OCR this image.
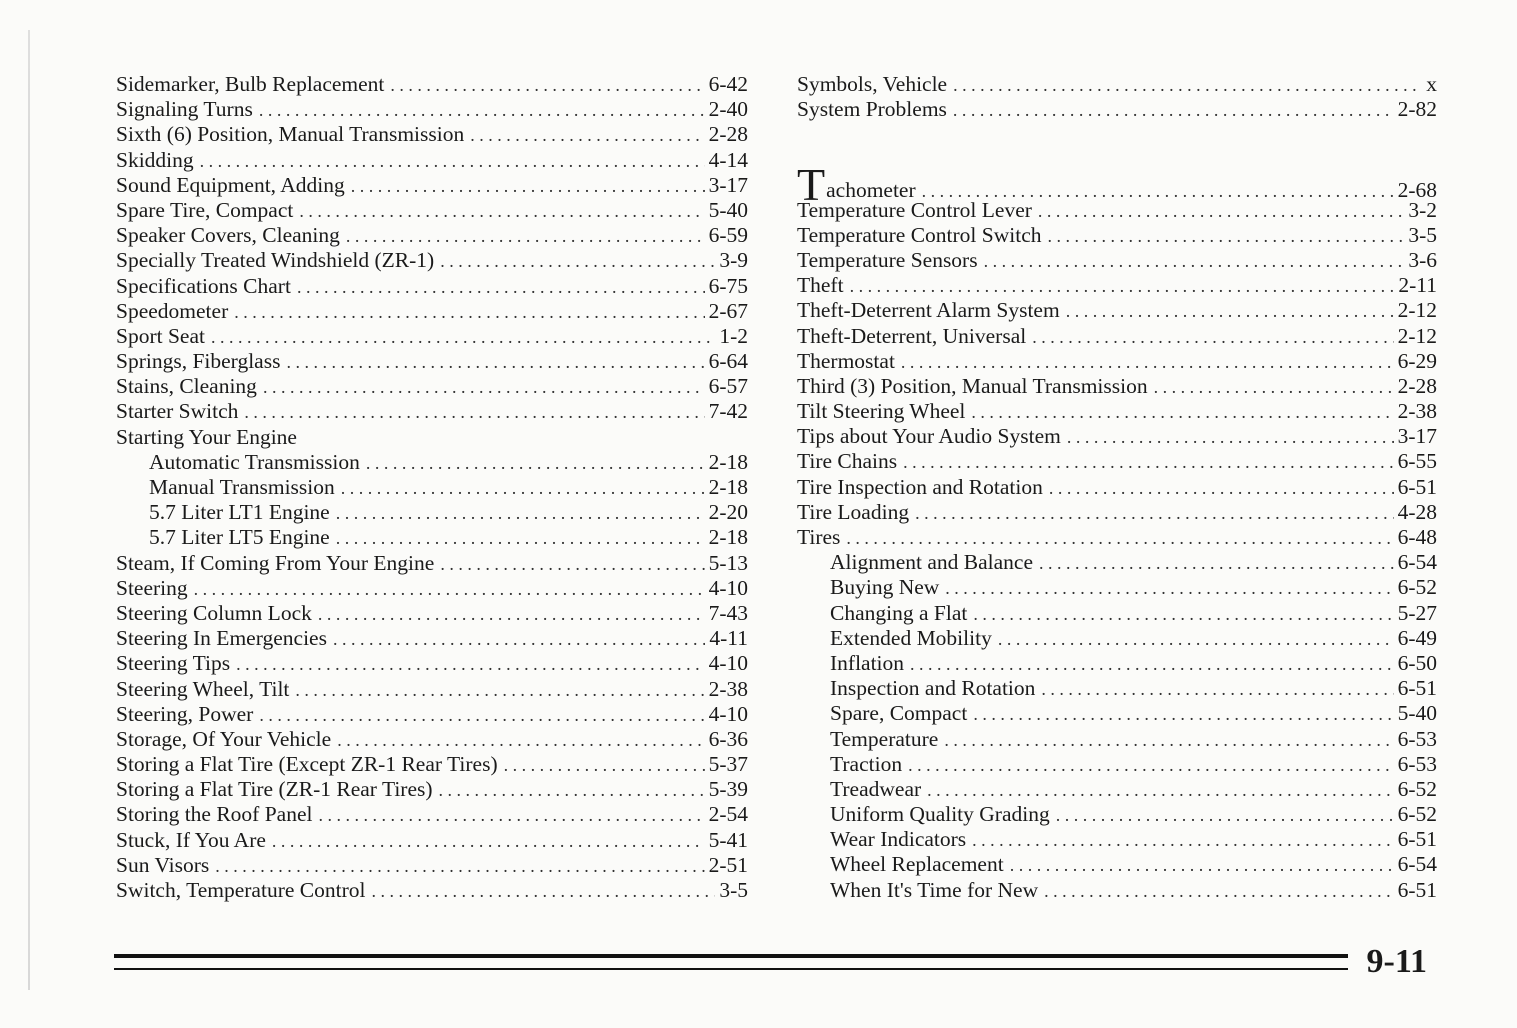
Sidemarker, Bulb Replacement . . .	6-42
Signaling Turns . . .	2-40
Sixth (6) Position, Manual Transmission . . .	2-28
Skidding . . .	4-14
Sound Equipment, Adding . . .	3-17
Spare Tire, Compact . . .	5-40
Speaker Covers, Cleaning . . .	6-59
Specially Treated Windshield (ZR-1) . . .	3-9
Specifications Chart . . .	6-75
Speedometer . . .	2-67
Sport Seat . . .	1-2
Springs, Fiberglass . . .	6-64
Stains, Cleaning . . .	6-57
Starter Switch . . .	7-42
Starting Your Engine
Automatic Transmission . . .	2-18
Manual Transmission . . .	2-18
5.7 Liter LT1 Engine . . .	2-20
5.7 Liter LT5 Engine . . .	2-18
Steam, If Coming From Your Engine . . .	5-13
Steering . . .	4-10
Steering Column Lock . . .	7-43
Steering In Emergencies . . .	4-11
Steering Tips . . .	4-10
Steering Wheel, Tilt . . .	2-38
Steering, Power . . .	4-10
Storage, Of Your Vehicle . . .	6-36
Storing a Flat Tire (Except ZR-1 Rear Tires) . . .	5-37
Storing a Flat Tire (ZR-1 Rear Tires) . . .	5-39
Storing the Roof Panel . . .	2-54
Stuck, If You Are . . .	5-41
Sun Visors . . .	2-51
Switch, Temperature Control . . .	3-5
Symbols, Vehicle . . .	x
System Problems . . .	2-82
Tachometer . . .	2-68
Temperature Control Lever . . .	3-2
Temperature Control Switch . . .	3-5
Temperature Sensors . . .	3-6
Theft . . .	2-11
Theft-Deterrent Alarm System . . .	2-12
Theft-Deterrent, Universal . . .	2-12
Thermostat . . .	6-29
Third (3) Position, Manual Transmission . . .	2-28
Tilt Steering Wheel . . .	2-38
Tips about Your Audio System . . .	3-17
Tire Chains . . .	6-55
Tire Inspection and Rotation . . .	6-51
Tire Loading . . .	4-28
Tires . . .	6-48
Alignment and Balance . . .	6-54
Buying New . . .	6-52
Changing a Flat . . .	5-27
Extended Mobility . . .	6-49
Inflation . . .	6-50
Inspection and Rotation . . .	6-51
Spare, Compact . . .	5-40
Temperature . . .	6-53
Traction . . .	6-53
Treadwear . . .	6-52
Uniform Quality Grading . . .	6-52
Wear Indicators . . .	6-51
Wheel Replacement . . .	6-54
When It's Time for New . . .	6-51
9-11
